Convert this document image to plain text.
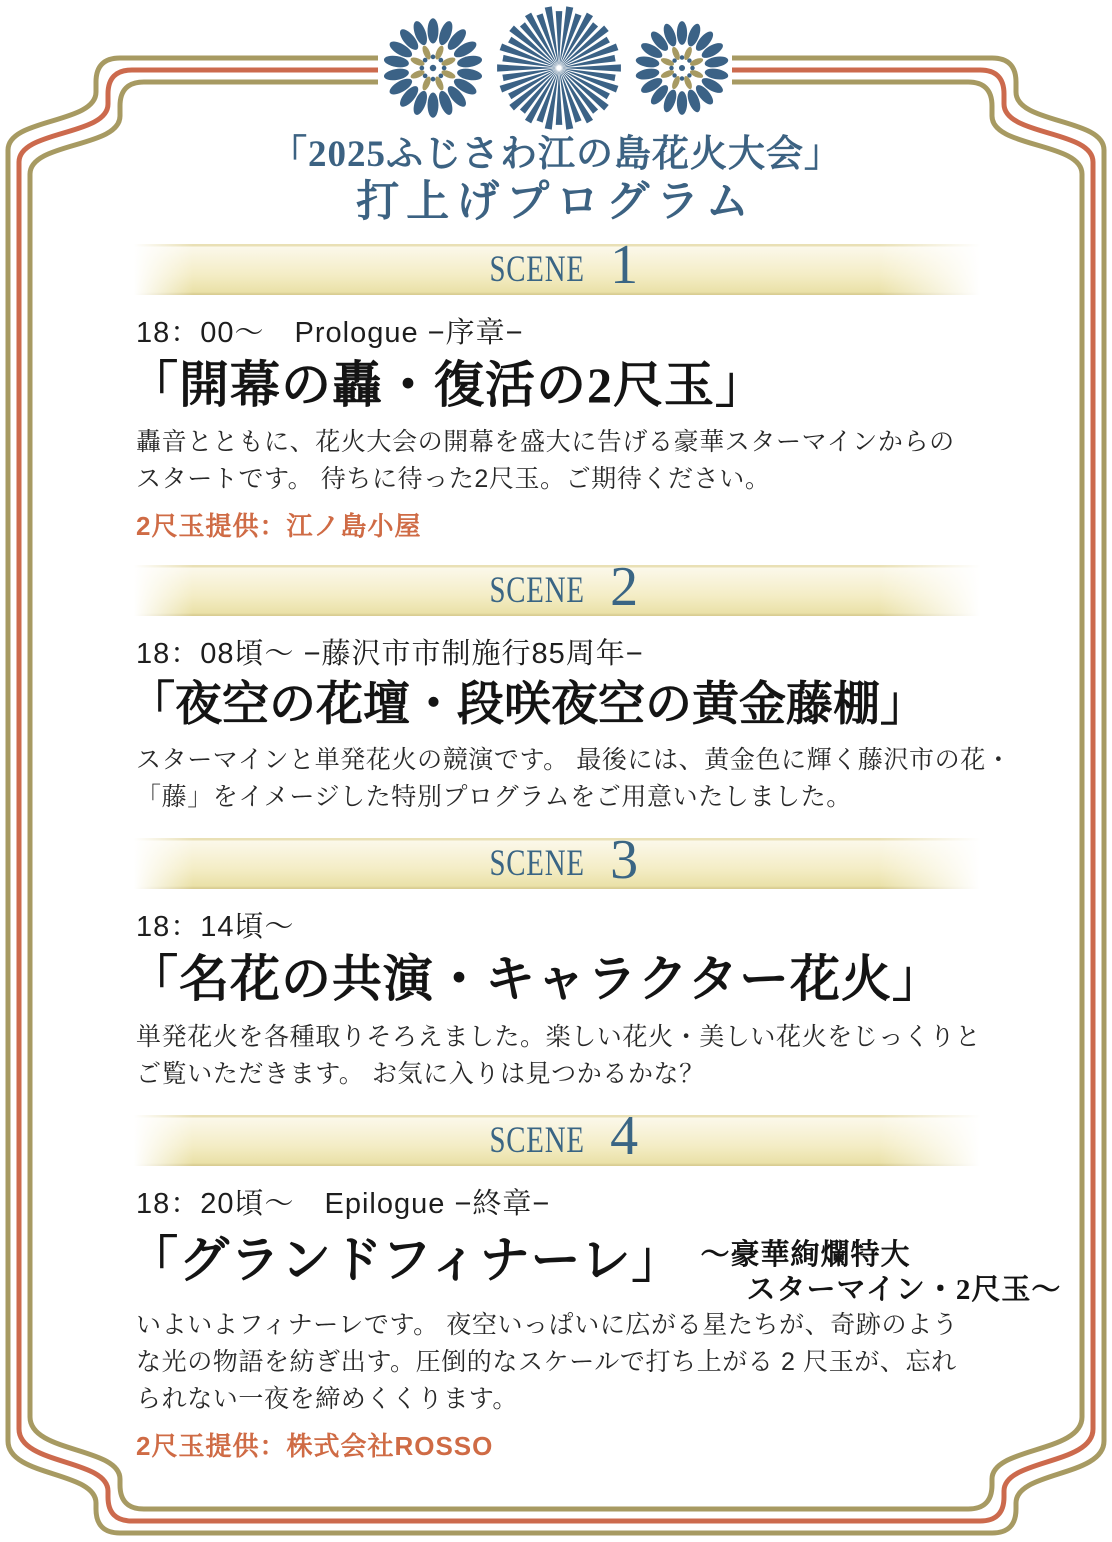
「2025ふじさわ江の島花火大会」
打上げプログラム
SCENE 1
18：00～　Prologue −序章−
「開幕の轟・復活の2尺玉」
轟音とともに、花火大会の開幕を盛大に告げる豪華スターマインからの
スタートです。 待ちに待った2尺玉。ご期待ください。

2尺玉提供：江ノ島小屋

SCENE 2
18：08頃～ −藤沢市市制施行85周年−
「夜空の花壇・段咲夜空の黄金藤棚」
スターマインと単発花火の競演です。 最後には、黄金色に輝く藤沢市の花・
「藤」をイメージした特別プログラムをご用意いたしました。
SCENE 3
18：14頃～
「名花の共演・キャラクター花火」
単発花火を各種取りそろえました。楽しい花火・美しい花火をじっくりと
ご覧いただきます。 お気に入りは見つかるかな？
SCENE 4
18：20頃～　Epilogue −終章−
「グランドフィナーレ」 ～豪華絢爛特大
スターマイン・2尺玉～
いよいよフィナーレです。 夜空いっぱいに広がる星たちが、奇跡のよう
な光の物語を紡ぎ出す。圧倒的なスケールで打ち上がる 2 尺玉が、忘れ
られない一夜を締めくくります。

2尺玉提供：株式会社ROSSO
